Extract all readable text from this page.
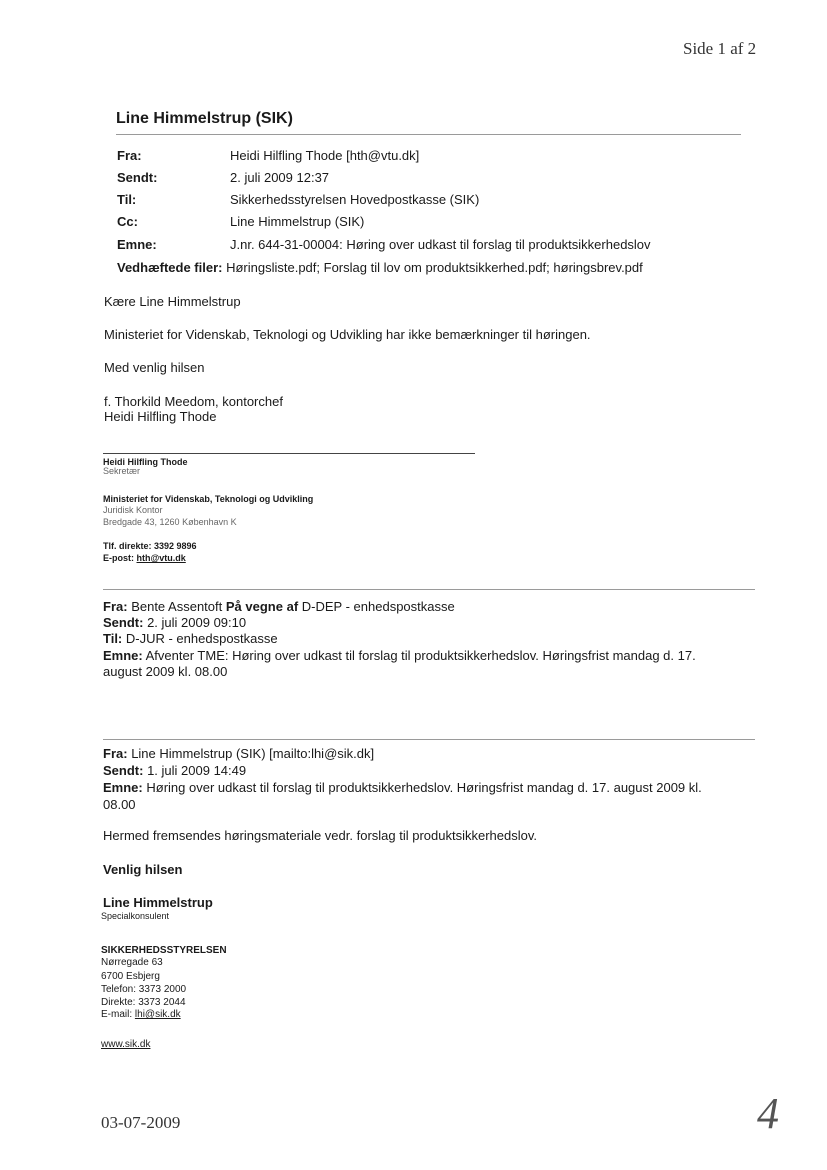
Side 1 af 2
Line Himmelstrup (SIK)
Fra:	Heidi Hilfling Thode [hth@vtu.dk]
Sendt:	2. juli 2009 12:37
Til:	Sikkerhedsstyrelsen Hovedpostkasse (SIK)
Cc:	Line Himmelstrup (SIK)
Emne:	J.nr. 644-31-00004: Høring over udkast til forslag til produktsikkerhedslov
Vedhæftede filer: Høringsliste.pdf; Forslag til lov om produktsikkerhed.pdf; høringsbrev.pdf
Kære Line Himmelstrup
Ministeriet for Videnskab, Teknologi og Udvikling har ikke bemærkninger til høringen.
Med venlig hilsen
f. Thorkild Meedom, kontorchef
Heidi Hilfling Thode
Heidi Hilfling Thode
Sekretær
Ministeriet for Videnskab, Teknologi og Udvikling
Juridisk Kontor
Bredgade 43, 1260 København K
Tlf. direkte: 3392 9896
E-post: hth@vtu.dk
Fra: Bente Assentoft På vegne af D-DEP - enhedspostkasse
Sendt: 2. juli 2009 09:10
Til: D-JUR - enhedspostkasse
Emne: Afventer TME: Høring over udkast til forslag til produktsikkerhedslov. Høringsfrist mandag d. 17.
august 2009 kl. 08.00
Fra: Line Himmelstrup (SIK) [mailto:lhi@sik.dk]
Sendt: 1. juli 2009 14:49
Emne: Høring over udkast til forslag til produktsikkerhedslov. Høringsfrist mandag d. 17. august 2009 kl.
08.00
Hermed fremsendes høringsmateriale vedr. forslag til produktsikkerhedslov.
Venlig hilsen
Line Himmelstrup
Specialkonsulent
SIKKERHEDSSTYRELSEN
Nørregade 63
6700 Esbjerg
Telefon: 3373 2000
Direkte: 3373 2044
E-mail: lhi@sik.dk
www.sik.dk
03-07-2009	4
